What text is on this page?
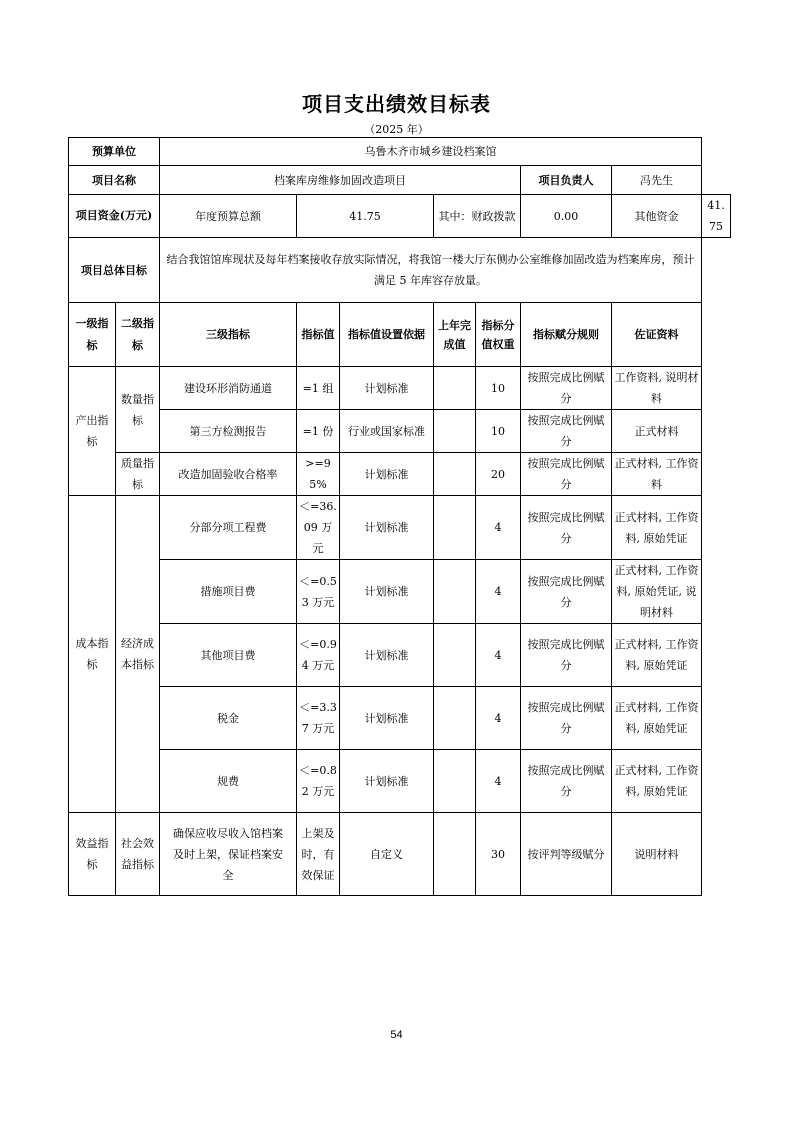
项目支出绩效目标表
（2025 年）
预算单位		乌鲁木齐市城乡建设档案馆							
项目名称		档案库房维修加固改造项目					项目负责人	冯先生	
项目资金(万元)		年度预算总额	41.75		其中：财政拨款		0.00	其他资金	41.75
项目总体目标		结合我馆馆库现状及每年档案接收存放实际情况，将我馆一楼大厅东侧办公室维修加固改造为档案库房，预计满足 5 年库容存放量。							
一级指标	二级指标	三级指标	指标值	指标值设置依据	上年完成值	指标分值权重	指标赋分规则	佐证资料	
产出指标	数量指标	建设环形消防通道	=1 组	计划标准		10	按照完成比例赋分	工作资料, 说明材料	
		第三方检测报告	=1 份	行业或国家标准		10	按照完成比例赋分	正式材料	
	质量指标	改造加固验收合格率	>=95%	计划标准		20	按照完成比例赋分	正式材料, 工作资料	
成本指标	经济成本指标	分部分项工程费	＜=36.09 万元	计划标准		4	按照完成比例赋分	正式材料, 工作资料, 原始凭证	
		措施项目费	＜=0.53 万元	计划标准		4	按照完成比例赋分	正式材料, 工作资料, 原始凭证, 说明材料	
		其他项目费	＜=0.94 万元	计划标准		4	按照完成比例赋分	正式材料, 工作资料, 原始凭证	
		税金	＜=3.37 万元	计划标准		4	按照完成比例赋分	正式材料, 工作资料, 原始凭证	
		规费	＜=0.82 万元	计划标准		4	按照完成比例赋分	正式材料, 工作资料, 原始凭证	
效益指标	社会效益指标	确保应收尽收入馆档案及时上架，保证档案安全	上架及时，有效保证	自定义		30	按评判等级赋分	说明材料	
54
